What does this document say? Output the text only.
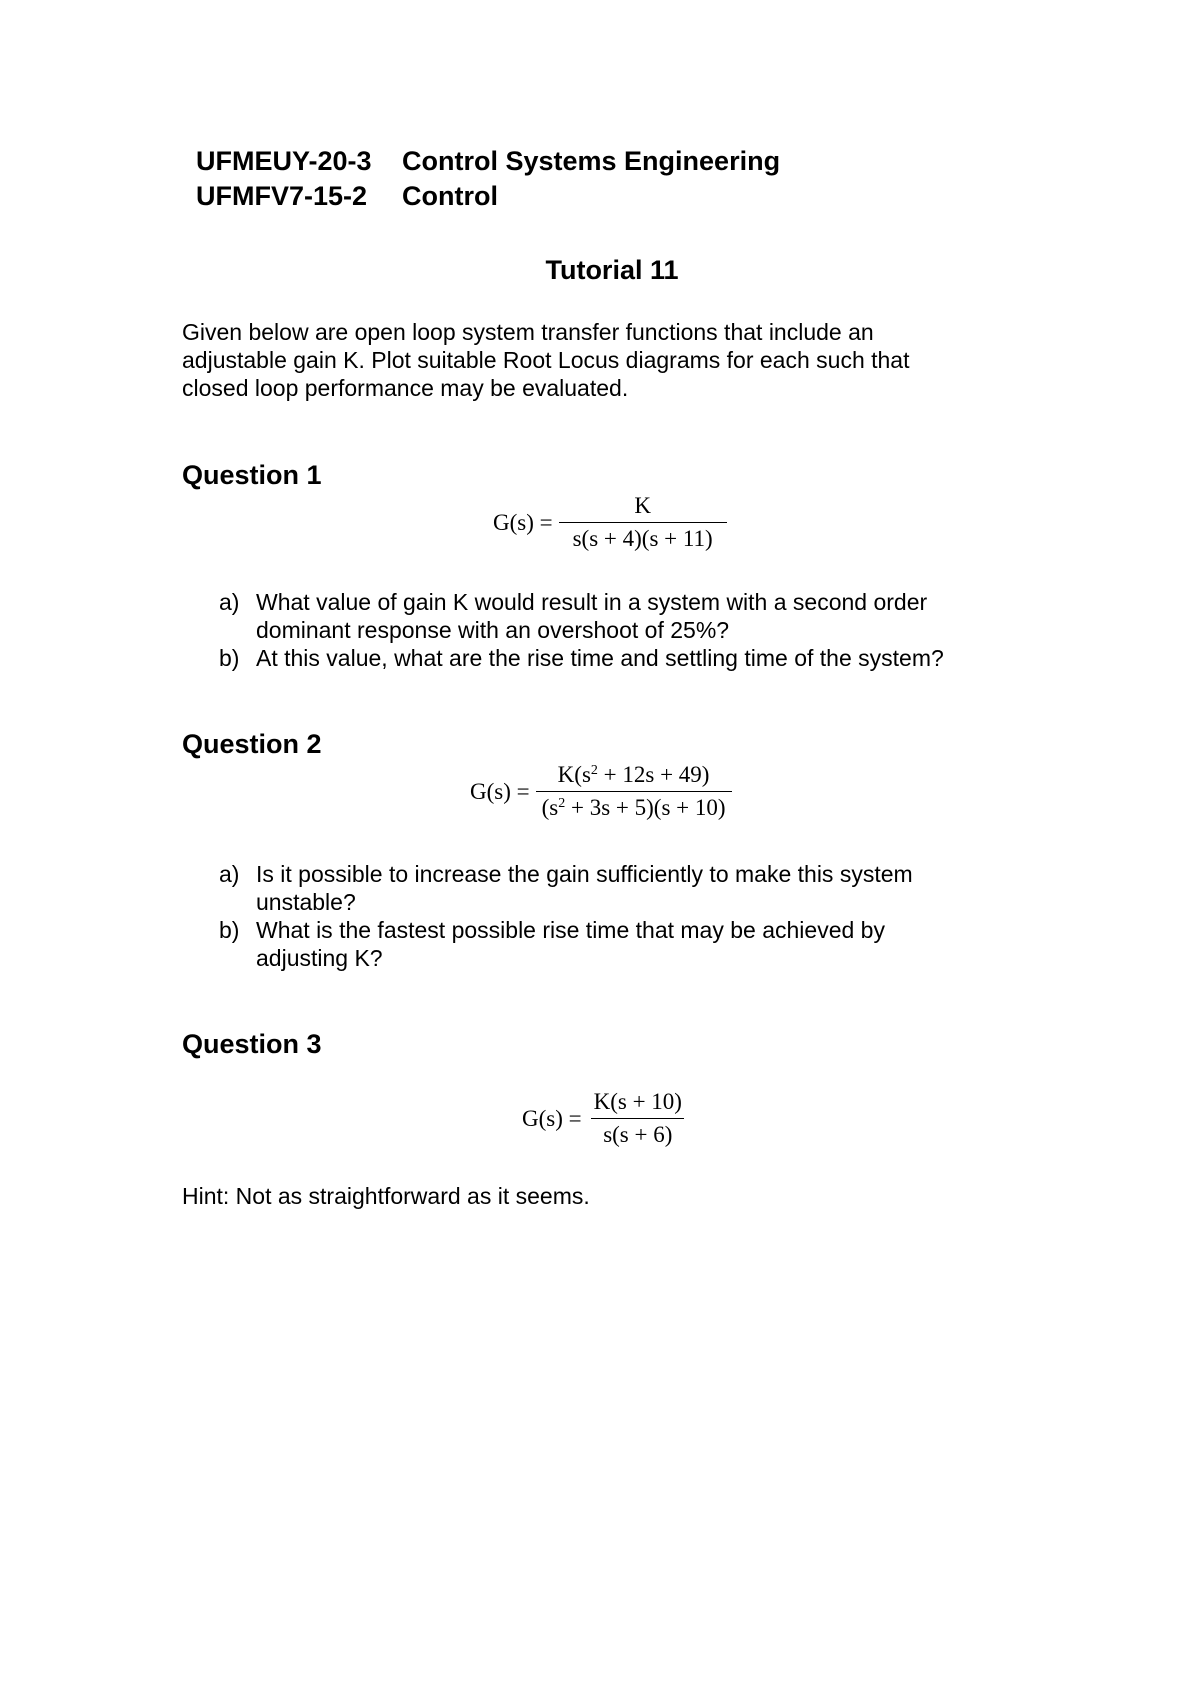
UFMEUY-20-3 Control Systems Engineering
UFMFV7-15-2 Control
Tutorial 11
Given below are open loop system transfer functions that include an
adjustable gain K. Plot suitable Root Locus diagrams for each such that
closed loop performance may be evaluated.
Question 1
$G(s) = \frac{K}{s(s + 4)(s + 11)}$
a) What value of gain K would result in a system with a second order
dominant response with an overshoot of 25%?
b) At this value, what are the rise time and settling time of the system?
Question 2
$G(s) = \frac{K(s^2 + 12s + 49)}{(s^2 + 3s + 5)(s + 10)}$
a) Is it possible to increase the gain sufficiently to make this system
unstable?
b) What is the fastest possible rise time that may be achieved by
adjusting K?
Question 3
$G(s) = \frac{K(s + 10)}{s(s + 6)}$
Hint: Not as straightforward as it seems.
